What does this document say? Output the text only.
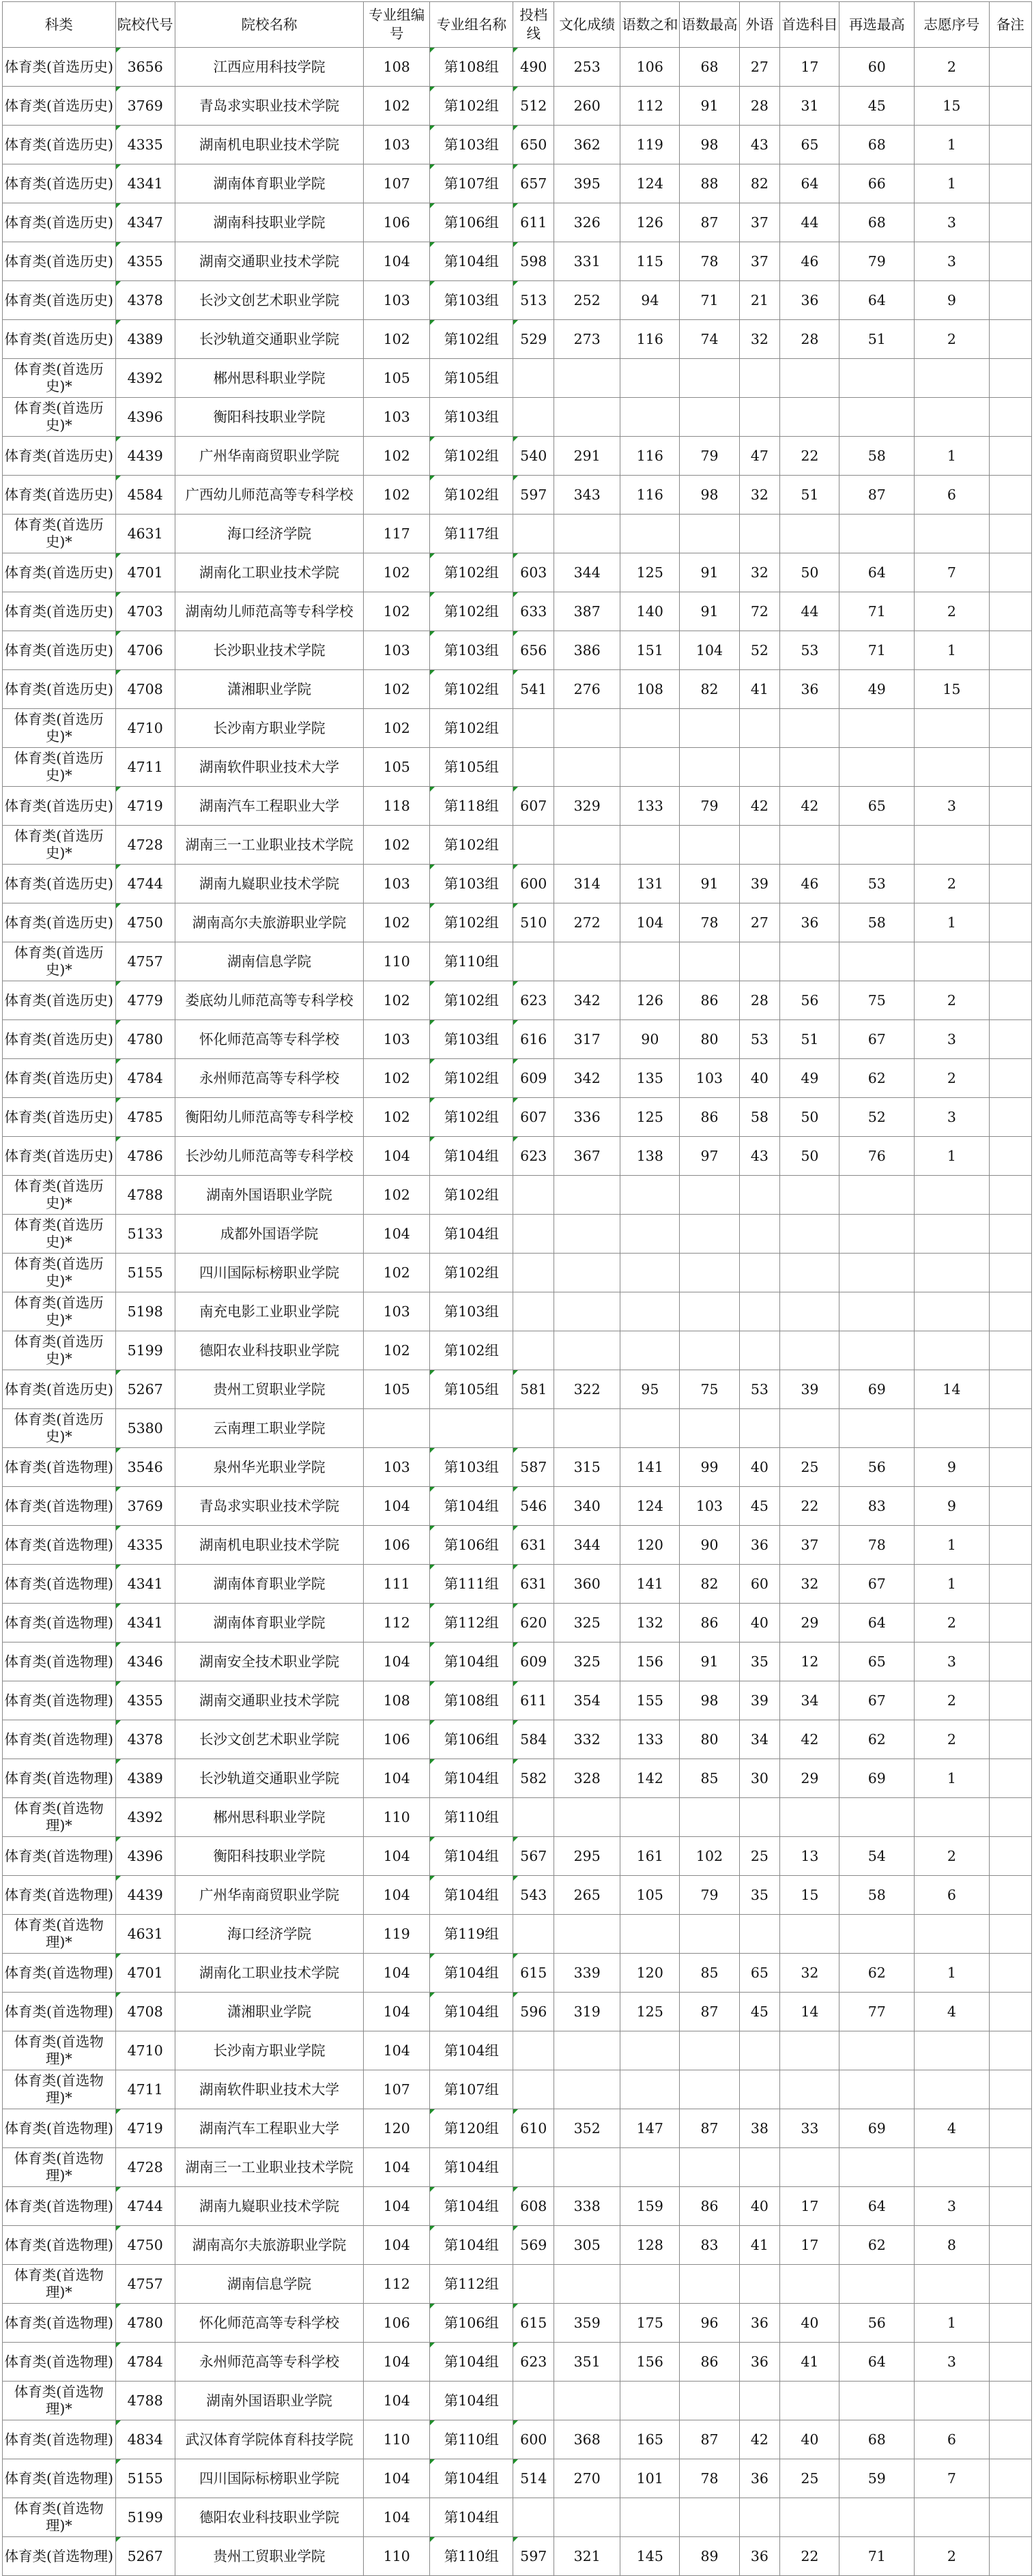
科类	院校代号	院校名称	专业组编号	专业组名称	投档线	文化成绩	语数之和	语数最高	外语	首选科目	再选最高	志愿序号	备注
体育类(首选历史)	3656	江西应用科技学院	108	第108组	490	253	106	68	27	17	60	2	
体育类(首选历史)	3769	青岛求实职业技术学院	102	第102组	512	260	112	91	28	31	45	15	
体育类(首选历史)	4335	湖南机电职业技术学院	103	第103组	650	362	119	98	43	65	68	1	
体育类(首选历史)	4341	湖南体育职业学院	107	第107组	657	395	124	88	82	64	66	1	
体育类(首选历史)	4347	湖南科技职业学院	106	第106组	611	326	126	87	37	44	68	3	
体育类(首选历史)	4355	湖南交通职业技术学院	104	第104组	598	331	115	78	37	46	79	3	
体育类(首选历史)	4378	长沙文创艺术职业学院	103	第103组	513	252	94	71	21	36	64	9	
体育类(首选历史)	4389	长沙轨道交通职业学院	102	第102组	529	273	116	74	32	28	51	2	
体育类(首选历史)*	4392	郴州思科职业学院	105	第105组									
体育类(首选历史)*	4396	衡阳科技职业学院	103	第103组									
体育类(首选历史)	4439	广州华南商贸职业学院	102	第102组	540	291	116	79	47	22	58	1	
体育类(首选历史)	4584	广西幼儿师范高等专科学校	102	第102组	597	343	116	98	32	51	87	6	
体育类(首选历史)*	4631	海口经济学院	117	第117组									
体育类(首选历史)	4701	湖南化工职业技术学院	102	第102组	603	344	125	91	32	50	64	7	
体育类(首选历史)	4703	湖南幼儿师范高等专科学校	102	第102组	633	387	140	91	72	44	71	2	
体育类(首选历史)	4706	长沙职业技术学院	103	第103组	656	386	151	104	52	53	71	1	
体育类(首选历史)	4708	潇湘职业学院	102	第102组	541	276	108	82	41	36	49	15	
体育类(首选历史)*	4710	长沙南方职业学院	102	第102组									
体育类(首选历史)*	4711	湖南软件职业技术大学	105	第105组									
体育类(首选历史)	4719	湖南汽车工程职业大学	118	第118组	607	329	133	79	42	42	65	3	
体育类(首选历史)*	4728	湖南三一工业职业技术学院	102	第102组									
体育类(首选历史)	4744	湖南九嶷职业技术学院	103	第103组	600	314	131	91	39	46	53	2	
体育类(首选历史)	4750	湖南高尔夫旅游职业学院	102	第102组	510	272	104	78	27	36	58	1	
体育类(首选历史)*	4757	湖南信息学院	110	第110组									
体育类(首选历史)	4779	娄底幼儿师范高等专科学校	102	第102组	623	342	126	86	28	56	75	2	
体育类(首选历史)	4780	怀化师范高等专科学校	103	第103组	616	317	90	80	53	51	67	3	
体育类(首选历史)	4784	永州师范高等专科学校	102	第102组	609	342	135	103	40	49	62	2	
体育类(首选历史)	4785	衡阳幼儿师范高等专科学校	102	第102组	607	336	125	86	58	50	52	3	
体育类(首选历史)	4786	长沙幼儿师范高等专科学校	104	第104组	623	367	138	97	43	50	76	1	
体育类(首选历史)*	4788	湖南外国语职业学院	102	第102组									
体育类(首选历史)*	5133	成都外国语学院	104	第104组									
体育类(首选历史)*	5155	四川国际标榜职业学院	102	第102组									
体育类(首选历史)*	5198	南充电影工业职业学院	103	第103组									
体育类(首选历史)*	5199	德阳农业科技职业学院	102	第102组									
体育类(首选历史)	5267	贵州工贸职业学院	105	第105组	581	322	95	75	53	39	69	14	
体育类(首选历史)*	5380	云南理工职业学院											
体育类(首选物理)	3546	泉州华光职业学院	103	第103组	587	315	141	99	40	25	56	9	
体育类(首选物理)	3769	青岛求实职业技术学院	104	第104组	546	340	124	103	45	22	83	9	
体育类(首选物理)	4335	湖南机电职业技术学院	106	第106组	631	344	120	90	36	37	78	1	
体育类(首选物理)	4341	湖南体育职业学院	111	第111组	631	360	141	82	60	32	67	1	
体育类(首选物理)	4341	湖南体育职业学院	112	第112组	620	325	132	86	40	29	64	2	
体育类(首选物理)	4346	湖南安全技术职业学院	104	第104组	609	325	156	91	35	12	65	3	
体育类(首选物理)	4355	湖南交通职业技术学院	108	第108组	611	354	155	98	39	34	67	2	
体育类(首选物理)	4378	长沙文创艺术职业学院	106	第106组	584	332	133	80	34	42	62	2	
体育类(首选物理)	4389	长沙轨道交通职业学院	104	第104组	582	328	142	85	30	29	69	1	
体育类(首选物理)*	4392	郴州思科职业学院	110	第110组									
体育类(首选物理)	4396	衡阳科技职业学院	104	第104组	567	295	161	102	25	13	54	2	
体育类(首选物理)	4439	广州华南商贸职业学院	104	第104组	543	265	105	79	35	15	58	6	
体育类(首选物理)*	4631	海口经济学院	119	第119组									
体育类(首选物理)	4701	湖南化工职业技术学院	104	第104组	615	339	120	85	65	32	62	1	
体育类(首选物理)	4708	潇湘职业学院	104	第104组	596	319	125	87	45	14	77	4	
体育类(首选物理)*	4710	长沙南方职业学院	104	第104组									
体育类(首选物理)*	4711	湖南软件职业技术大学	107	第107组									
体育类(首选物理)	4719	湖南汽车工程职业大学	120	第120组	610	352	147	87	38	33	69	4	
体育类(首选物理)*	4728	湖南三一工业职业技术学院	104	第104组									
体育类(首选物理)	4744	湖南九嶷职业技术学院	104	第104组	608	338	159	86	40	17	64	3	
体育类(首选物理)	4750	湖南高尔夫旅游职业学院	104	第104组	569	305	128	83	41	17	62	8	
体育类(首选物理)*	4757	湖南信息学院	112	第112组									
体育类(首选物理)	4780	怀化师范高等专科学校	106	第106组	615	359	175	96	36	40	56	1	
体育类(首选物理)	4784	永州师范高等专科学校	104	第104组	623	351	156	86	36	41	64	3	
体育类(首选物理)*	4788	湖南外国语职业学院	104	第104组									
体育类(首选物理)	4834	武汉体育学院体育科技学院	110	第110组	600	368	165	87	42	40	68	6	
体育类(首选物理)	5155	四川国际标榜职业学院	104	第104组	514	270	101	78	36	25	59	7	
体育类(首选物理)*	5199	德阳农业科技职业学院	104	第104组									
体育类(首选物理)	5267	贵州工贸职业学院	110	第110组	597	321	145	89	36	22	71	2	
